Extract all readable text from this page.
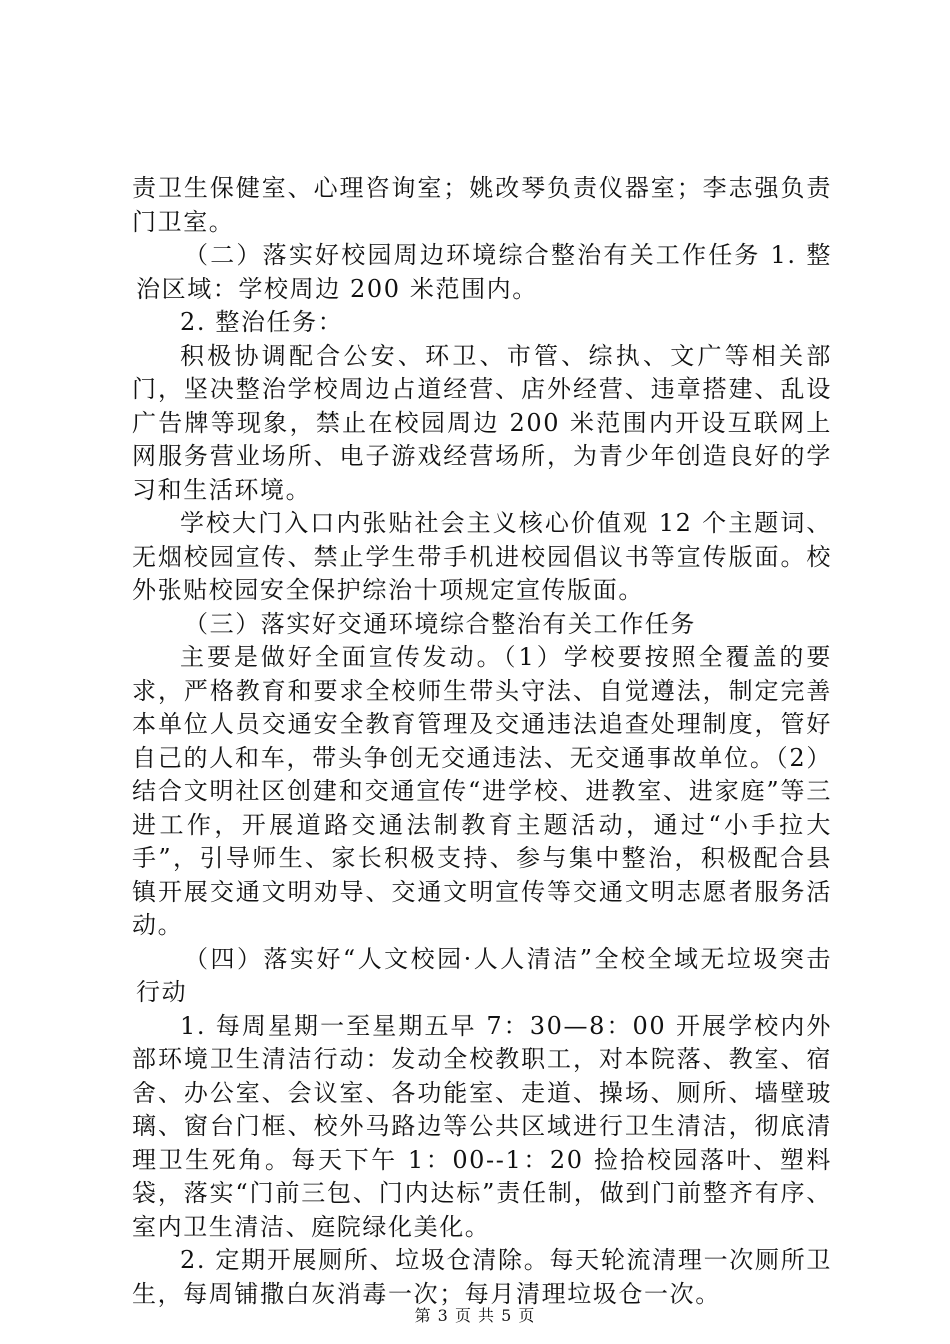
责卫生保健室、心理咨询室；姚改琴负责仪器室；李志强负责门卫室。

（二）落实好校园周边环境综合整治有关工作任务 1. 整治区域：学校周边 200 米范围内。

2. 整治任务：

积极协调配合公安、环卫、市管、综执、文广等相关部门，坚决整治学校周边占道经营、店外经营、违章搭建、乱设广告牌等现象，禁止在校园周边 200 米范围内开设互联网上网服务营业场所、电子游戏经营场所，为青少年创造良好的学习和生活环境。

学校大门入口内张贴社会主义核心价值观 12 个主题词、无烟校园宣传、禁止学生带手机进校园倡议书等宣传版面。校外张贴校园安全保护综治十项规定宣传版面。

（三）落实好交通环境综合整治有关工作任务

主要是做好全面宣传发动。（1）学校要按照全覆盖的要求，严格教育和要求全校师生带头守法、自觉遵法，制定完善本单位人员交通安全教育管理及交通违法追查处理制度，管好自己的人和车，带头争创无交通违法、无交通事故单位。（2）结合文明社区创建和交通宣传“进学校、进教室、进家庭”等三进工作，开展道路交通法制教育主题活动，通过“小手拉大手”，引导师生、家长积极支持、参与集中整治，积极配合县镇开展交通文明劝导、交通文明宣传等交通文明志愿者服务活动。

（四）落实好“人文校园·人人清洁”全校全域无垃圾突击行动

1. 每周星期一至星期五早 7：30—8：00 开展学校内外部环境卫生清洁行动：发动全校教职工，对本院落、教室、宿舍、办公室、会议室、各功能室、走道、操场、厕所、墙壁玻璃、窗台门框、校外马路边等公共区域进行卫生清洁，彻底清理卫生死角。每天下午 1：00--1：20 捡拾校园落叶、塑料袋，落实“门前三包、门内达标”责任制，做到门前整齐有序、室内卫生清洁、庭院绿化美化。

2. 定期开展厕所、垃圾仓清除。每天轮流清理一次厕所卫生，每周铺撒白灰消毒一次；每月清理垃圾仓一次。

第 3 页 共 5 页
